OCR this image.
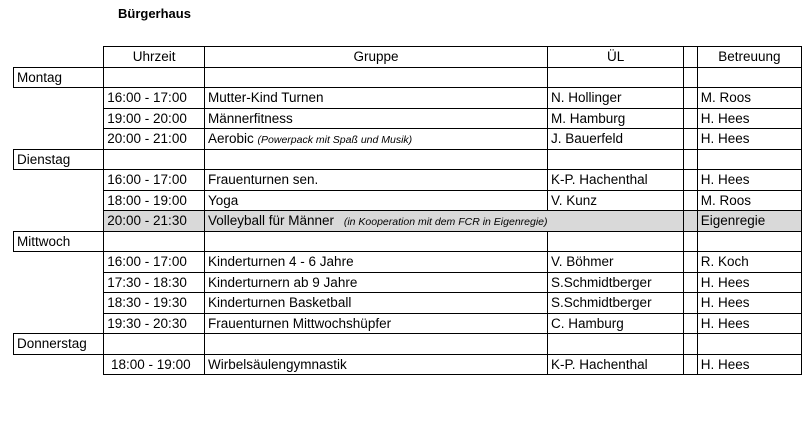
Bürgerhaus
	Uhrzeit	Gruppe	ÜL		Betreuung
Montag					
	16:00 - 17:00	Mutter-Kind Turnen	N. Hollinger		M. Roos
	19:00 - 20:00	Männerfitness	M. Hamburg		H. Hees
	20:00 - 21:00	Aerobic (Powerpack mit Spaß und Musik)	J. Bauerfeld		H. Hees
Dienstag					
	16:00 - 17:00	Frauenturnen sen.	K-P. Hachenthal		H. Hees
	18:00 - 19:00	Yoga	V. Kunz		M. Roos
	20:00 - 21:30	Volleyball für Männer (in Kooperation mit dem FCR in Eigenregie)			Eigenregie
Mittwoch					
	16:00 - 17:00	Kinderturnen 4 - 6 Jahre	V. Böhmer		R. Koch
	17:30 - 18:30	Kinderturnern ab 9 Jahre	S.Schmidtberger		H. Hees
	18:30 - 19:30	Kinderturnen Basketball	S.Schmidtberger		H. Hees
	19:30 - 20:30	Frauenturnen Mittwochshüpfer	C. Hamburg		H. Hees
Donnerstag					
	18:00 - 19:00	Wirbelsäulengymnastik	K-P. Hachenthal		H. Hees
